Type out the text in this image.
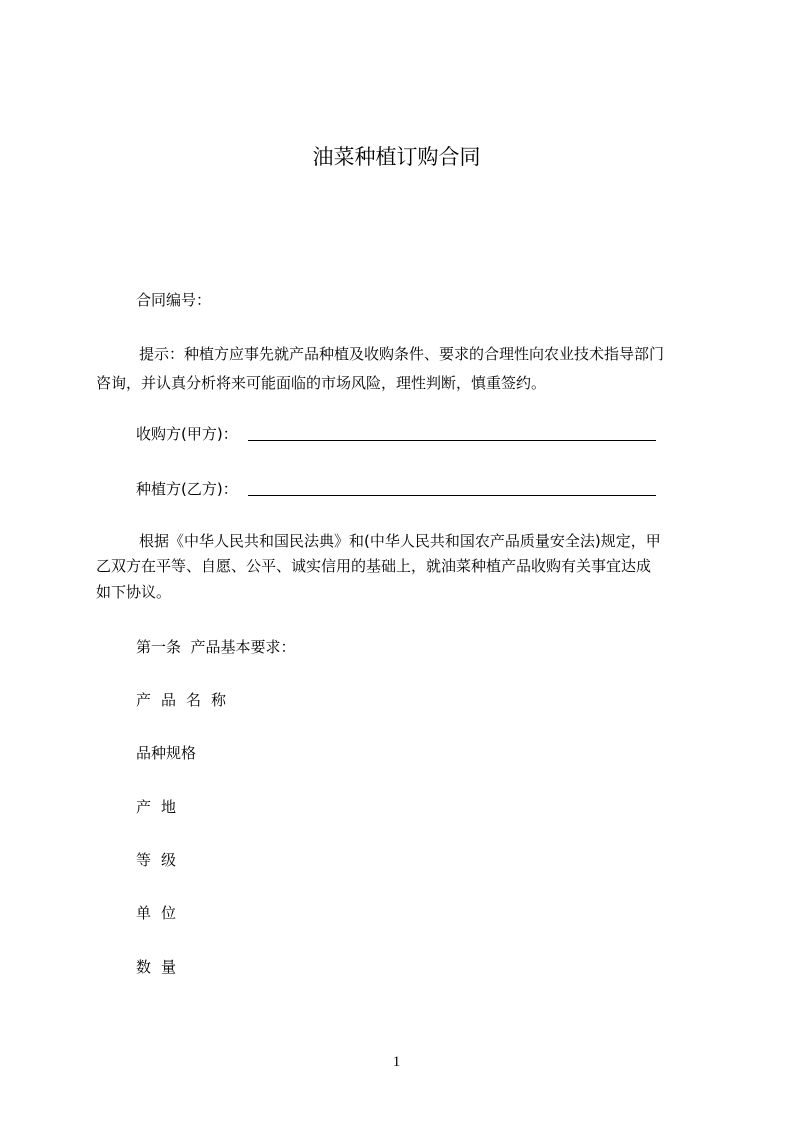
油菜种植订购合同
合同编号：
提示：种植方应事先就产品种植及收购条件、要求的合理性向农业技术指导部门
咨询，并认真分析将来可能面临的市场风险，理性判断，慎重签约。
收购方(甲方)：
种植方(乙方)：
根据《中华人民共和国民法典》和(中华人民共和国农产品质量安全法)规定，甲
乙双方在平等、自愿、公平、诚实信用的基础上，就油菜种植产品收购有关事宜达成
如下协议。
第一条  产品基本要求：
产品名称
品种规格
产地
等级
单位
数量
1
